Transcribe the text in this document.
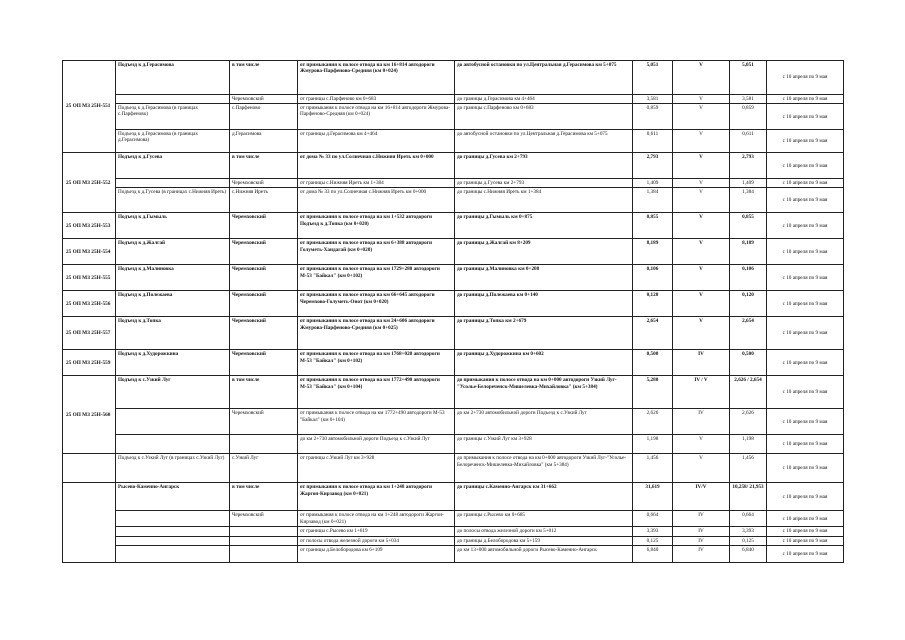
25 ОП МЗ 25Н-551	Подъезд к д.Герасимова	в том числе	от примыкания к полосе отвода на км 16+814 автодороги Жмурова-Парфеново-Средняя (км 0+024)	до автобусной остановки по ул.Центральная д.Герасимова км 5+075	5,051	V	5,051	с 10 апреля по 9 мая
		Черемховский	от границы с.Парфеново км 0+683	до границы д.Герасимова км 4+464	3,581	V	3,581	с 10 апреля по 9 мая
	Подъезд к д.Герасимова (в границах с.Парфеново)	с.Парфеново	от примыкания к полосе отвода на км 16+814 автодороги Жмурова-Парфеново-Средняя (км 0+024)	до границы с.Парфеново км 0+683	0,859	V	0,859	с 10 апреля по 9 мая
	Подъезд к д.Герасимова (в границах д.Герасимова)	д.Герасимова	от границы д.Герасимова км 4+464	до автобусной остановки по ул.Центральная д.Герасимова км 5+075	0,611	V	0,611	с 10 апреля по 9 мая
25 ОП МЗ 25Н-552	Подъезд к д.Гусева	в том числе	от дома № 33 по ул.Солнечная с.Нижняя Иреть км 0+000	до границы д.Гусева км 2+793	2,793	V	2,793	с 10 апреля по 9 мая
		Черемховский	от границы с.Нижняя Иреть км 1+384	до границы д.Гусева км 2+793	1,409	V	1,409	с 10 апреля по 9 мая
	Подъезд к д.Гусева (в границах с.Нижняя Иреть)	с.Нижняя Иреть	от дома № 33 по ул.Солнечная с.Нижняя Иреть км 0+000	до границы с.Нижняя Иреть км 1+384	1,384	V	1,384	с 10 апреля по 9 мая
25 ОП МЗ 25Н-553	Подъезд к д.Гымыль	Черемховский	от примыкания к полосе отвода на км 1+532 автодороги Подъезд к д.Топка (км 0+020)	до границы д.Гымыль км 0+875	0,855	V	0,855	с 10 апреля по 9 мая
25 ОП МЗ 25Н-554	Подъезд к д.Жалгай	Черемховский	от примыкания к полосе отвода на км 6+388 автодороги Голуметь-Хандагай (км 0+020)	до границы д.Жалгай км 8+209	8,189	V	8,189	с 10 апреля по 9 мая
25 ОП МЗ 25Н-555	Подъезд к д.Малиновка	Черемховский	от примыкания к полосе отвода на км 1729+280 автодороги М-53 "Байкал" (км 0+102)	до границы д.Малиновка км 0+208	0,106	V	0,106	с 10 апреля по 9 мая
25 ОП МЗ 25Н-556	Подъезд к д.Полежаева	Черемховский	от примыкания к полосе отвода на км 66+645 автодороги Черемхово-Голуметь-Онот (км 0+020)	до границы д.Полежаева км 0+140	0,120	V	0,120	с 10 апреля по 9 мая
25 ОП МЗ 25Н-557	Подъезд к д.Топка	Черемховский	от примыкания к полосе отвода на км 24+606 автодороги Жмурова-Парфеново-Средняя (км 0+025)	до границы д.Топка км 2+679	2,654	V	2,654	с 10 апреля по 9 мая
25 ОП МЗ 25Н-559	Подъезд к д.Худорожкина	Черемховский	от примыкания к полосе отвода на км 1768+020 автодороги М-53 "Байкал" (км 0+102)	до границы д.Худорожкина км 0+602	0,500	IV	0,500	с 10 апреля по 9 мая
25 ОП МЗ 25Н-560	Подъезд к с.Узкий Луг	в том числе	от примыкания к полосе отвода на км 1772+490 автодороги М-53 "Байкал" (км 0+104)	до примыкания к полосе отвода на км 0+000 автодороги Узкий Луг-"Усолье-Белореченск-Мишелевка-Михайловка" (км 5+384)	5,280	IV / V	2,626 / 2,654	с 10 апреля по 9 мая
		Черемховский	от примыкания к полосе отвода на км 1772+490 автодороги М-53 "Байкал" (км 0+104)	до км 2+730 автомобильной дороги Подъезд к с.Узкий Луг	2,626	IV	2,626	с 10 апреля по 9 мая
			до км 2+730 автомобильной дороги Подъезд к с.Узкий Луг	до границы с.Узкий Луг км 3+928	1,198	V	1,198	с 10 апреля по 9 мая
	Подъезд к с.Узкий Луг (в границах с.Узкий Луг)	с.Узкий Луг	от границы с.Узкий Луг км 3+928	до примыкания к полосе отвода на км 0+000 автодороги Узкий Луг-"Усолье-Белореченск-Мишелевка-Михайловка" (км 5+384)	1,456	V	1,456	с 10 апреля по 9 мая
	Рысево-Каменно-Ангарск	в том числе	от примыкания к полосе отвода на км 1+248 автодороги Жаргон-Кирзавод (км 0+021)	до границы с.Каменно-Ангарск км 31+662	31,619	IV/V	10,258/ 21,953	с 10 апреля по 9 мая
		Черемховский	от примыкания к полосе отвода на км 1+248 автодороги Жаргон-Кирзавод (км 0+021)	до границы с.Рысево км 0+685	0,664	IV	0,664	с 10 апреля по 9 мая
			от границы с.Рысево км 1+619	до полосы отвода железной дороги км 5+012	3,393	IV	3,393	с 10 апреля по 9 мая
			от полосы отвода железной дороги км 5+034	до границы д.Белобородова км 5+159	0,125	IV	0,125	с 10 апреля по 9 мая
			от границы д.Белобородова км 6+109	до км 13+000 автомобильной дороги Рысево-Каменно-Ангарск	6,840	IV	6,840	с 10 апреля по 9 мая
